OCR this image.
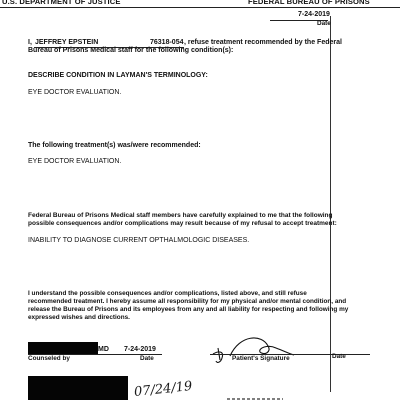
U.S. DEPARTMENT OF JUSTICE	FEDERAL BUREAU OF PRISONS
7-24-2019
Date
I, JEFFREY EPSTEIN	76318-054 , refuse treatment recommended by the Federal
Bureau of Prisons Medical staff for the following condition(s):
DESCRIBE CONDITION IN LAYMAN'S TERMINOLOGY:
EYE DOCTOR EVALUATION.
The following treatment(s) was/were recommended:
EYE DOCTOR EVALUATION.
Federal Bureau of Prisons Medical staff members have carefully explained to me that the following
possible consequences and/or complications may result because of my refusal to accept treatment:
INABILITY TO DIAGNOSE CURRENT OPTHALMOLOGIC DISEASES.
I understand the possible consequences and/or complications, listed above, and still refuse
recommended treatment. I hereby assume all responsibility for my physical and/or mental condition, and
release the Bureau of Prisons and its employees from any and all liability for respecting and following my
expressed wishes and directions.
MD 7-24-2019
Counseled by	Date	Patient's Signature	Date
07/24/19
